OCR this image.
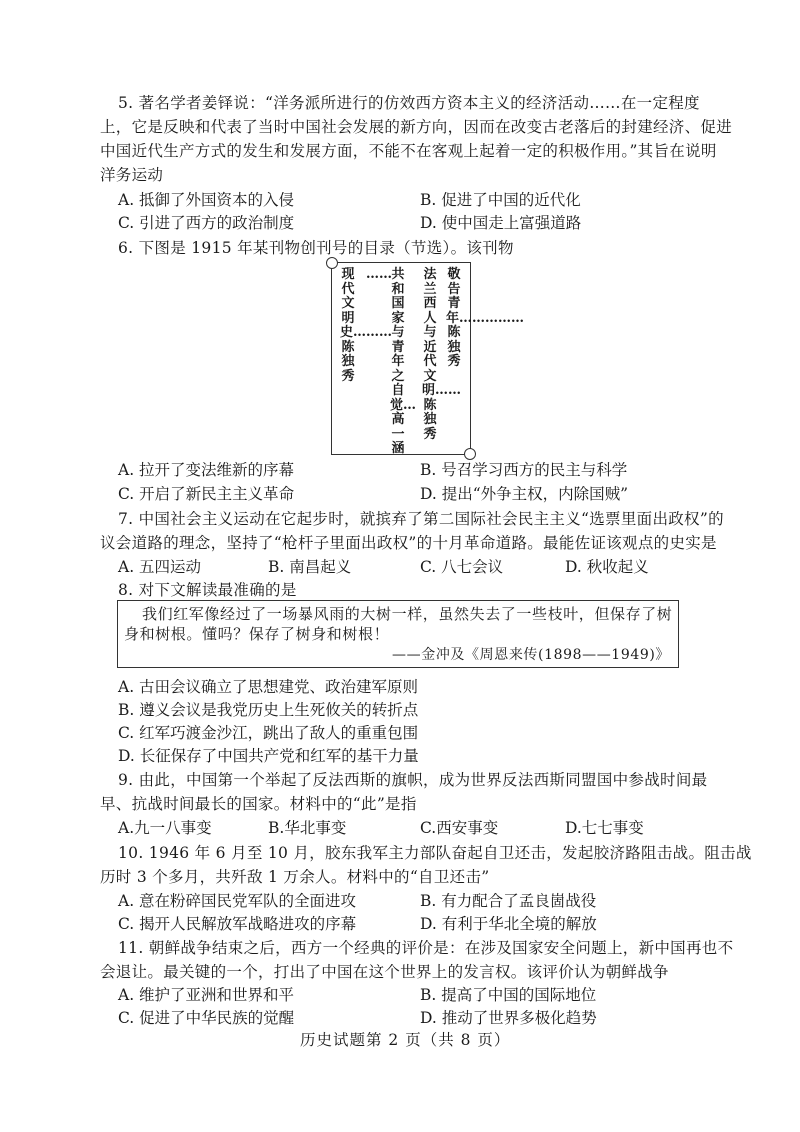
5. 著名学者姜铎说：“洋务派所进行的仿效西方资本主义的经济活动……在一定程度
上，它是反映和代表了当时中国社会发展的新方向，因而在改变古老落后的封建经济、促进
中国近代生产方式的发生和发展方面，不能不在客观上起着一定的积极作用。”其旨在说明
洋务运动
A. 抵御了外国资本的入侵	B. 促进了中国的近代化
C. 引进了西方的政治制度	D. 使中国走上富强道路
6. 下图是 1915 年某刊物创刊号的目录（节选）。该刊物
敬告青年……………陈独秀
法兰西人与近代文明……陈独秀
共和国家与青年之自觉…高一涵
……
现代文明史………陈独秀
A. 拉开了变法维新的序幕	B. 号召学习西方的民主与科学
C. 开启了新民主主义革命	D. 提出“外争主权，内除国贼”
7. 中国社会主义运动在它起步时，就摈弃了第二国际社会民主主义“选票里面出政权”的
议会道路的理念，坚持了“枪杆子里面出政权”的十月革命道路。最能佐证该观点的史实是
A. 五四运动	B. 南昌起义	C. 八七会议	D. 秋收起义
8. 对下文解读最准确的是
我们红军像经过了一场暴风雨的大树一样，虽然失去了一些枝叶，但保存了树
身和树根。懂吗？保存了树身和树根！
——金冲及《周恩来传(1898——1949)》
A. 古田会议确立了思想建党、政治建军原则
B. 遵义会议是我党历史上生死攸关的转折点
C. 红军巧渡金沙江，跳出了敌人的重重包围
D. 长征保存了中国共产党和红军的基干力量
9. 由此，中国第一个举起了反法西斯的旗帜，成为世界反法西斯同盟国中参战时间最
早、抗战时间最长的国家。材料中的“此”是指
A.九一八事变	B.华北事变	C.西安事变	D.七七事变
10. 1946 年 6 月至 10 月，胶东我军主力部队奋起自卫还击，发起胶济路阻击战。阻击战
历时 3 个多月，共歼敌 1 万余人。材料中的“自卫还击”
A. 意在粉碎国民党军队的全面进攻	B. 有力配合了孟良崮战役
C. 揭开人民解放军战略进攻的序幕	D. 有利于华北全境的解放
11. 朝鲜战争结束之后，西方一个经典的评价是：在涉及国家安全问题上，新中国再也不
会退让。最关键的一个，打出了中国在这个世界上的发言权。该评价认为朝鲜战争
A. 维护了亚洲和世界和平	B. 提高了中国的国际地位
C. 促进了中华民族的觉醒	D. 推动了世界多极化趋势
历史试题第 2 页（共 8 页）
